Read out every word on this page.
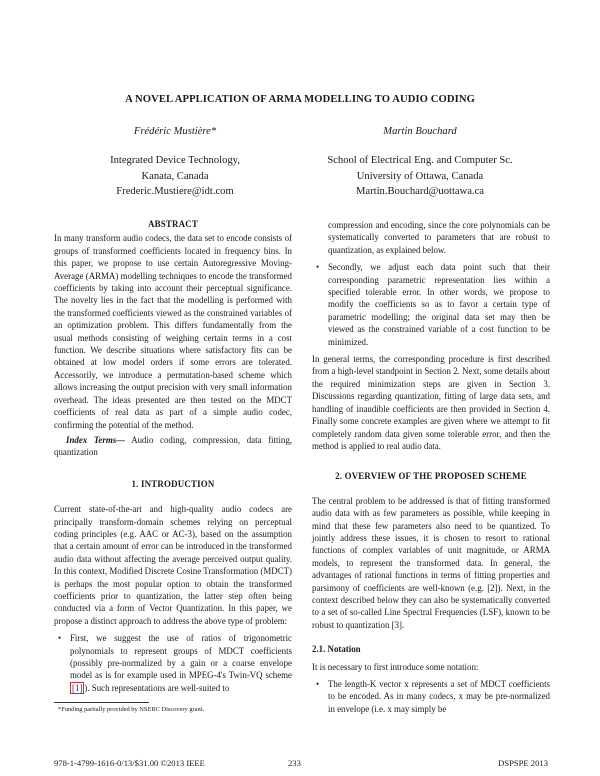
A NOVEL APPLICATION OF ARMA MODELLING TO AUDIO CODING
Frédéric Mustière*
Integrated Device Technology,
Kanata, Canada
Frederic.Mustiere@idt.com
Martin Bouchard
School of Electrical Eng. and Computer Sc.
University of Ottawa, Canada
Martin.Bouchard@uottawa.ca
ABSTRACT
In many transform audio codecs, the data set to encode consists of groups of transformed coefficients located in frequency bins. In this paper, we propose to use certain Autoregressive Moving-Average (ARMA) modelling techniques to encode the transformed coefficients by taking into account their perceptual significance. The novelty lies in the fact that the modelling is performed with the transformed coefficients viewed as the constrained variables of an optimization problem. This differs fundamentally from the usual methods consisting of weighing certain terms in a cost function. We describe situations where satisfactory fits can be obtained at low model orders if some errors are tolerated. Accessorily, we introduce a permutation-based scheme which allows increasing the output precision with very small information overhead. The ideas presented are then tested on the MDCT coefficients of real data as part of a simple audio codec, confirming the potential of the method.
Index Terms— Audio coding, compression, data fitting, quantization
1. INTRODUCTION
Current state-of-the-art and high-quality audio codecs are principally transform-domain schemes relying on perceptual coding principles (e.g. AAC or AC-3), based on the assumption that a certain amount of error can be introduced in the transformed audio data without affecting the average perceived output quality. In this context, Modified Discrete Cosine Transformation (MDCT) is perhaps the most popular option to obtain the transformed coefficients prior to quantization, the latter step often being conducted via a form of Vector Quantization. In this paper, we propose a distinct approach to address the above type of problem:
• First, we suggest the use of ratios of trigonometric polynomials to represent groups of MDCT coefficients (possibly pre-normalized by a gain or a coarse envelope model as is for example used in MPEG-4's Twin-VQ scheme [1] ). Such representations are well-suited to
compression and encoding, since the core polynomials can be systematically converted to parameters that are robust to quantization, as explained below.
• Secondly, we adjust each data point such that their corresponding parametric representation lies within a specified tolerable error. In other words, we propose to modify the coefficients so as to favor a certain type of parametric modelling; the original data set may then be viewed as the constrained variable of a cost function to be minimized.
In general terms, the corresponding procedure is first described from a high-level standpoint in Section 2. Next, some details about the required minimization steps are given in Section 3. Discussions regarding quantization, fitting of large data sets, and handling of inaudible coefficients are then provided in Section 4. Finally some concrete examples are given where we attempt to fit completely random data given some tolerable error, and then the method is applied to real audio data.
2. OVERVIEW OF THE PROPOSED SCHEME
The central problem to be addressed is that of fitting transformed audio data with as few parameters as possible, while keeping in mind that these few parameters also need to be quantized. To jointly address these issues, it is chosen to resort to rational functions of complex variables of unit magnitude, or ARMA models, to represent the transformed data. In general, the advantages of rational functions in terms of fitting properties and parsimony of coefficients are well-known (e.g. [2]). Next, in the context described below they can also be systematically converted to a set of so-called Line Spectral Frequencies (LSF), known to be robust to quantization [3].
2.1. Notation
It is necessary to first introduce some notation:
• The length-K vector x represents a set of MDCT coefficients to be encoded. As in many codecs, x may be pre-normalized in envelope (i.e. x may simply be
*Funding partially provided by NSERC Discovery grant.
978-1-4799-1616-0/13/$31.00 ©2013 IEEE	233	DSPSPE 2013
